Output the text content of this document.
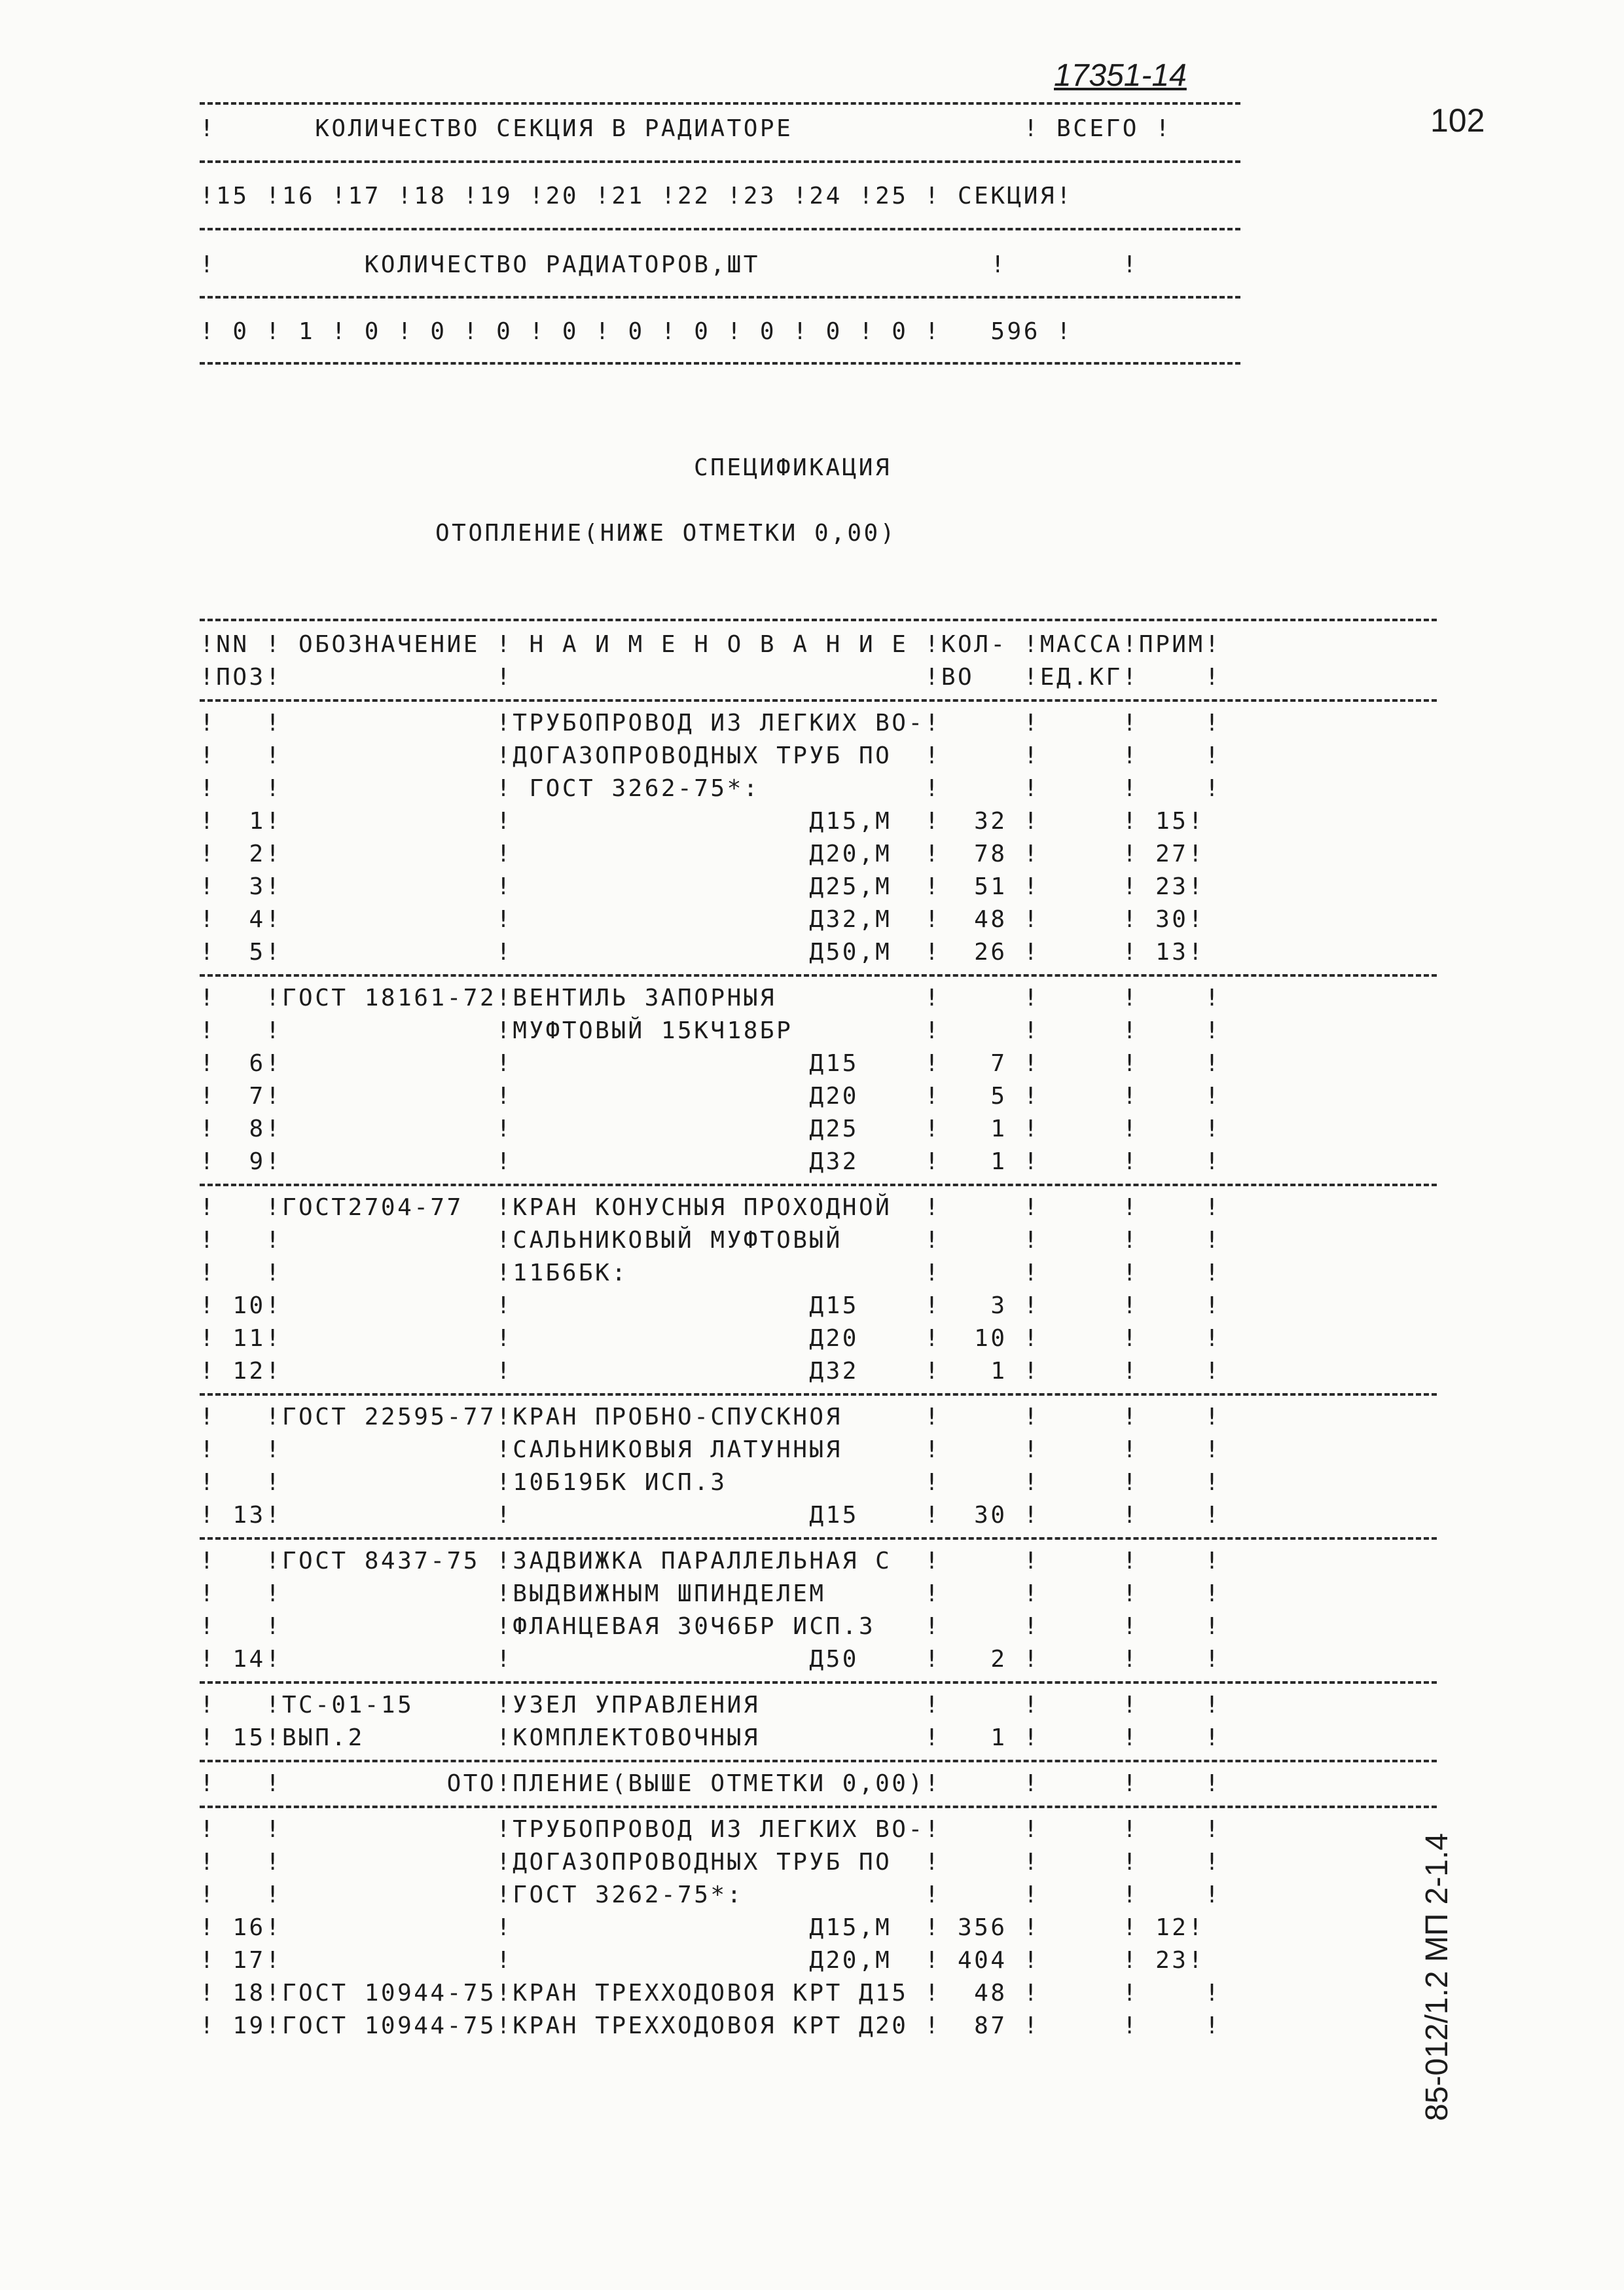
17351-14
102
85-012/1.2 МП 2-1.4
!      КОЛИЧЕСТВО СЕКЦИЯ В РАДИАТОРЕ              ! ВСЕГО !
!15 !16 !17 !18 !19 !20 !21 !22 !23 !24 !25 ! СЕКЦИЯ!
!         КОЛИЧЕСТВО РАДИАТОРОВ,ШТ              !       !
! 0 ! 1 ! 0 ! 0 ! 0 ! 0 ! 0 ! 0 ! 0 ! 0 ! 0 !   596 !
СПЕЦИФИКАЦИЯ
ОТОПЛЕНИЕ(НИЖЕ ОТМЕТКИ 0,00)
!NN ! ОБОЗНАЧЕНИЕ ! Н А И М Е Н О В А Н И Е !КОЛ- !МАССА!ПРИМ!
!ПОЗ!             !                         !ВО   !ЕД.КГ!    !
!   !             !ТРУБОПРОВОД ИЗ ЛЕГКИХ ВО-!     !     !    !
!   !             !ДОГАЗОПРОВОДНЫХ ТРУБ ПО  !     !     !    !
!   !             ! ГОСТ 3262-75*:          !     !     !    !
!  1!             !                  Д15,М  !  32 !     ! 15!
!  2!             !                  Д20,М  !  78 !     ! 27!
!  3!             !                  Д25,М  !  51 !     ! 23!
!  4!             !                  Д32,М  !  48 !     ! 30!
!  5!             !                  Д50,М  !  26 !     ! 13!
!   !ГОСТ 18161-72!ВЕНТИЛЬ ЗАПОРНЫЯ         !     !     !    !
!   !             !МУФТОВЫЙ 15КЧ18БР        !     !     !    !
!  6!             !                  Д15    !   7 !     !    !
!  7!             !                  Д20    !   5 !     !    !
!  8!             !                  Д25    !   1 !     !    !
!  9!             !                  Д32    !   1 !     !    !
!   !ГОСТ2704-77  !КРАН КОНУСНЫЯ ПРОХОДНОЙ  !     !     !    !
!   !             !САЛЬНИКОВЫЙ МУФТОВЫЙ     !     !     !    !
!   !             !11Б6БК:                  !     !     !    !
! 10!             !                  Д15    !   3 !     !    !
! 11!             !                  Д20    !  10 !     !    !
! 12!             !                  Д32    !   1 !     !    !
!   !ГОСТ 22595-77!КРАН ПРОБНО-СПУСКНОЯ     !     !     !    !
!   !             !САЛЬНИКОВЫЯ ЛАТУННЫЯ     !     !     !    !
!   !             !10Б19БК ИСП.3            !     !     !    !
! 13!             !                  Д15    !  30 !     !    !
!   !ГОСТ 8437-75 !ЗАДВИЖКА ПАРАЛЛЕЛЬНАЯ С  !     !     !    !
!   !             !ВЫДВИЖНЫМ ШПИНДЕЛЕМ      !     !     !    !
!   !             !ФЛАНЦЕВАЯ 30Ч6БР ИСП.3   !     !     !    !
! 14!             !                  Д50    !   2 !     !    !
!   !ТС-01-15     !УЗЕЛ УПРАВЛЕНИЯ          !     !     !    !
! 15!ВЫП.2        !КОМПЛЕКТОВОЧНЫЯ          !   1 !     !    !
!   !          ОТО!ПЛЕНИЕ(ВЫШЕ ОТМЕТКИ 0,00)!     !     !    !
!   !             !ТРУБОПРОВОД ИЗ ЛЕГКИХ ВО-!     !     !    !
!   !             !ДОГАЗОПРОВОДНЫХ ТРУБ ПО  !     !     !    !
!   !             !ГОСТ 3262-75*:           !     !     !    !
! 16!             !                  Д15,М  ! 356 !     ! 12!
! 17!             !                  Д20,М  ! 404 !     ! 23!
! 18!ГОСТ 10944-75!КРАН ТРЕХХОДОВОЯ КРТ Д15 !  48 !     !    !
! 19!ГОСТ 10944-75!КРАН ТРЕХХОДОВОЯ КРТ Д20 !  87 !     !    !
